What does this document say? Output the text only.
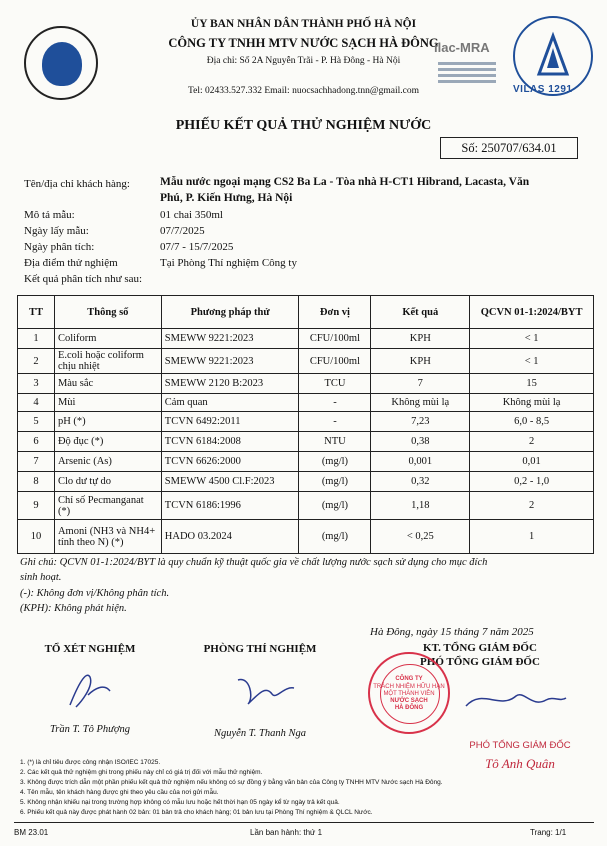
ỦY BAN NHÂN DÂN THÀNH PHỐ HÀ NỘI
CÔNG TY TNHH MTV NƯỚC SẠCH HÀ ĐÔNG
Địa chỉ: Số 2A Nguyễn Trãi - P. Hà Đông - Hà Nội
Tel: 02433.527.332 Email: nuocsachhadong.tnn@gmail.com
ilac-MRA
VILAS 1291
PHIẾU KẾT QUẢ THỬ NGHIỆM NƯỚC
Số: 250707/634.01
Tên/địa chỉ khách hàng:	Mẫu nước ngoại mạng CS2 Ba La - Tòa nhà H-CT1 Hibrand, Lacasta, Văn
Phú, P. Kiến Hưng, Hà Nội
Mô tả mẫu:	01 chai 350ml
Ngày lấy mẫu:	07/7/2025
Ngày phân tích:	07/7 - 15/7/2025
Địa điểm thử nghiệm	Tại Phòng Thí nghiệm Công ty
Kết quả phân tích như sau:
TT	Thông số	Phương pháp thử	Đơn vị	Kết quả	QCVN 01-1:2024/BYT
1	Coliform	SMEWW 9221:2023	CFU/100ml	KPH	< 1
2	E.coli hoặc coliform chịu nhiệt	SMEWW 9221:2023	CFU/100ml	KPH	< 1
3	Màu sắc	SMEWW 2120 B:2023	TCU	7	15
4	Mùi	Cảm quan	-	Không mùi lạ	Không mùi lạ
5	pH (*)	TCVN 6492:2011	-	7,23	6,0 - 8,5
6	Độ đục (*)	TCVN 6184:2008	NTU	0,38	2
7	Arsenic (As)	TCVN 6626:2000	(mg/l)	0,001	0,01
8	Clo dư tự do	SMEWW 4500 Cl.F:2023	(mg/l)	0,32	0,2 - 1,0
9	Chỉ số Pecmanganat (*)	TCVN 6186:1996	(mg/l)	1,18	2
10	Amoni (NH3 và NH4+ tính theo N) (*)	HADO 03.2024	(mg/l)	< 0,25	1
Ghi chú: QCVN 01-1:2024/BYT là quy chuẩn kỹ thuật quốc gia về chất lượng nước sạch sử dụng cho mục đích
sinh hoạt.
(-): Không đơn vị/Không phân tích.
(KPH): Không phát hiện.
Hà Đông, ngày 15 tháng 7 năm 2025
KT. TỔNG GIÁM ĐỐC
PHÓ TỔNG GIÁM ĐỐC
TỔ XÉT NGHIỆM	PHÒNG THÍ NGHIỆM
CÔNG TY
TRÁCH NHIỆM HỮU HẠN
MỘT THÀNH VIÊN
NƯỚC SẠCH
HÀ ĐÔNG
Trần T. Tô Phượng	Nguyễn T. Thanh Nga
PHÓ TỔNG GIÁM ĐỐC
Tô Anh Quân
1. (*) là chỉ tiêu được công nhận ISO/IEC 17025.
2. Các kết quả thử nghiệm ghi trong phiếu này chỉ có giá trị đối với mẫu thử nghiệm.
3. Không được trích dẫn một phần phiếu kết quả thử nghiệm nếu không có sự đồng ý bằng văn bản của Công ty TNHH MTV Nước sạch Hà Đông.
4. Tên mẫu, tên khách hàng được ghi theo yêu cầu của nơi gửi mẫu.
5. Không nhận khiếu nại trong trường hợp không có mẫu lưu hoặc hết thời hạn 05 ngày kể từ ngày trả kết quả.
6. Phiếu kết quả này được phát hành 02 bản: 01 bản trả cho khách hàng; 01 bản lưu tại Phòng Thí nghiệm & QLCL Nước.
BM 23.01	Lần ban hành: thứ 1	Trang: 1/1
